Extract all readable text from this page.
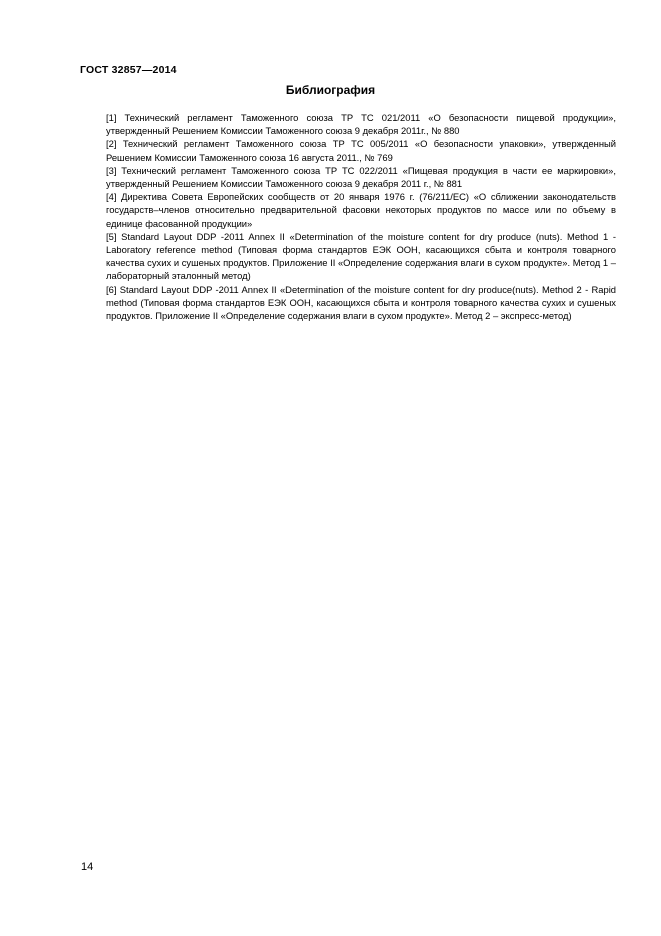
ГОСТ 32857—2014
Библиография

[1] Технический регламент Таможенного союза ТР ТС 021/2011 «О безопасности пищевой продукции», утвержденный Решением Комиссии Таможенного союза 9 декабря 2011г., № 880

[2] Технический регламент Таможенного союза ТР ТС 005/2011 «О безопасности упаковки», утвержденный Решением Комиссии Таможенного союза 16 августа 2011., № 769

[3] Технический регламент Таможенного союза ТР ТС 022/2011 «Пищевая продукция в части ее маркировки», утвержденный Решением Комиссии Таможенного союза 9 декабря 2011 г., № 881

[4] Директива Совета Европейских сообществ от 20 января 1976 г. (76/211/ЕС) «О сближении законодательств государств–членов относительно предварительной фасовки некоторых продуктов по массе или по объему в единице фасованной продукции»

[5] Standard Layout DDP -2011 Annex II «Determination of the moisture content for dry produce (nuts). Method 1 - Laboratory reference method (Типовая форма стандартов ЕЭК ООН, касающихся сбыта и контроля товарного качества сухих и сушеных продуктов. Приложение II «Определение содержания влаги в сухом продукте». Метод 1 – лабораторный эталонный метод)

[6] Standard Layout DDP -2011 Annex II «Determination of the moisture content for dry produce(nuts). Method 2 - Rapid method (Типовая форма стандартов ЕЭК ООН, касающихся сбыта и контроля товарного качества сухих и сушеных продуктов. Приложение II «Определение содержания влаги в сухом продукте». Метод 2 – экспресс-метод)

14
